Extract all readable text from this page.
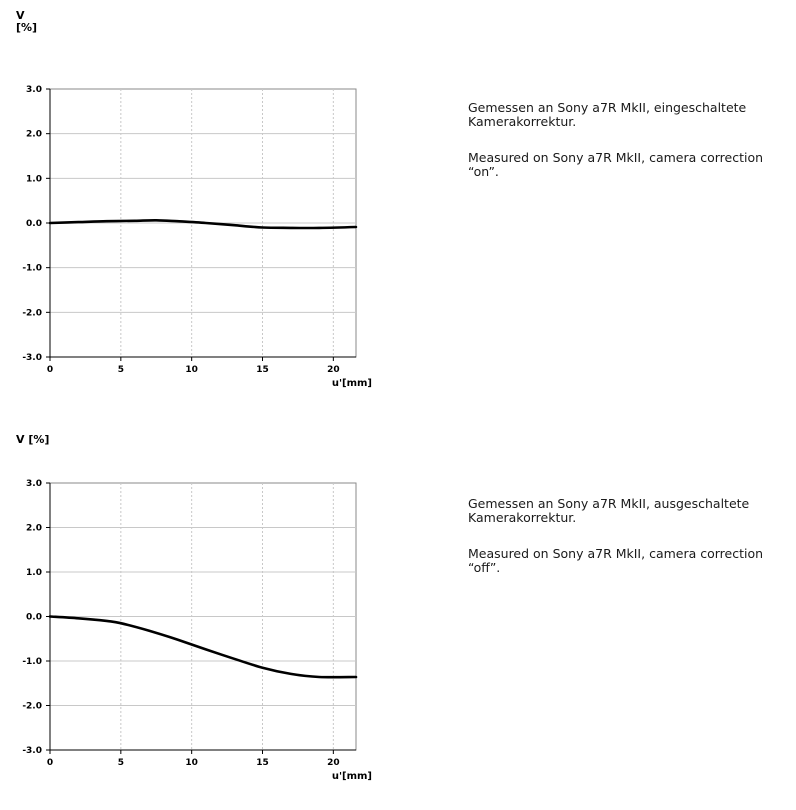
V
[%]
3.0
2.0
1.0
0.0
-1.0
-2.0
-3.0
0	5	10	15	20
u'[mm]

Gemessen an Sony a7R MkII, eingeschaltete Kamerakorrektur.

Measured on Sony a7R MkII, camera correction “on”.

V [%]
3.0
2.0
1.0
0.0
-1.0
-2.0
-3.0
0	5	10	15	20
u'[mm]

Gemessen an Sony a7R MkII, ausgeschaltete Kamerakorrektur.

Measured on Sony a7R MkII, camera correction “off”.
